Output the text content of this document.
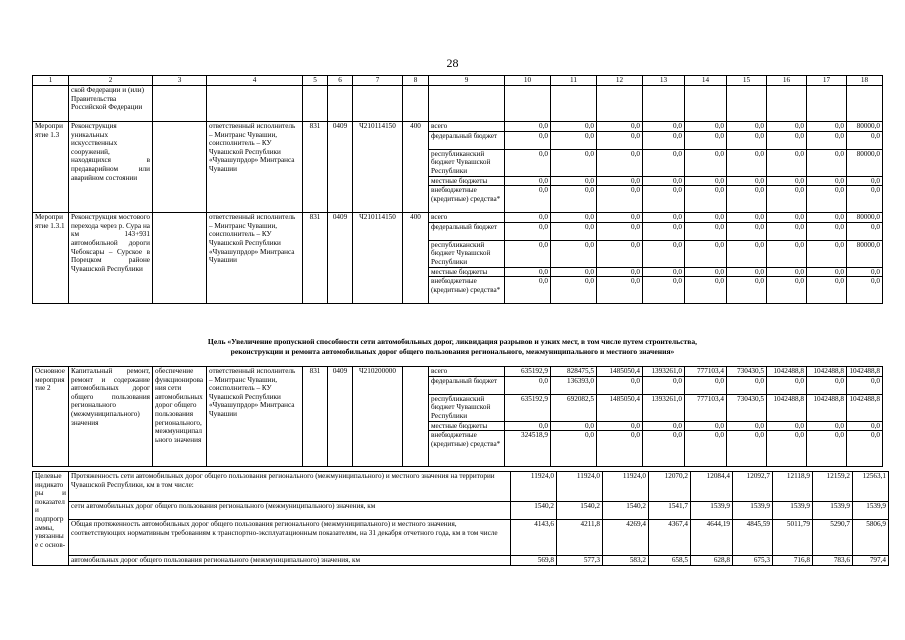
28
1	2	3	4	5	6	7	8	9	10	11	12	13	14	15	16	17	18
	ской Федерации и (или) Правительства Российской Федерации																
Мероприятие 1.3	Реконструкция уникальных искусственных сооружений, находящихся в предаварийном или аварийном состоянии		ответственный исполнитель – Минтранс Чувашии, соисполнитель – КУ Чувашской Республики «Чувашупрдор» Минтранса Чувашии	831	0409	Ч210114150	400	всего	0,0	0,0	0,0	0,0	0,0	0,0	0,0	0,0	80000,0
								федеральный бюджет	0,0	0,0	0,0	0,0	0,0	0,0	0,0	0,0	0,0
								республиканский бюджет Чувашской Республики	0,0	0,0	0,0	0,0	0,0	0,0	0,0	0,0	80000,0
								местные бюджеты	0,0	0,0	0,0	0,0	0,0	0,0	0,0	0,0	0,0
								внебюджетные (кредитные) средства*	0,0	0,0	0,0	0,0	0,0	0,0	0,0	0,0	0,0
Мероприятие 1.3.1	Реконструкция мостового перехода через р. Сура на км 143+931 автомобильной дороги Чебоксары – Сурское в Порецком районе Чувашской Республики		ответственный исполнитель – Минтранс Чувашии, соисполнитель – КУ Чувашской Республики «Чувашупрдор» Минтранса Чувашии	831	0409	Ч210114150	400	всего	0,0	0,0	0,0	0,0	0,0	0,0	0,0	0,0	80000,0
								федеральный бюджет	0,0	0,0	0,0	0,0	0,0	0,0	0,0	0,0	0,0
								республиканский бюджет Чувашской Республики	0,0	0,0	0,0	0,0	0,0	0,0	0,0	0,0	80000,0
								местные бюджеты	0,0	0,0	0,0	0,0	0,0	0,0	0,0	0,0	0,0
								внебюджетные (кредитные) средства*	0,0	0,0	0,0	0,0	0,0	0,0	0,0	0,0	0,0
Цель «Увеличение пропускной способности сети автомобильных дорог, ликвидация разрывов и узких мест, в том числе путем строительства,
реконструкции и ремонта автомобильных дорог общего пользования регионального, межмуниципального и местного значения»
Основное мероприятие 2	Капитальный ремонт, ремонт и содержание автомобильных дорог общего пользования регионального (межмуниципального) значения	обеспечение функционирования сети автомобильных дорог общего пользования регионального, межмуниципального значения	ответственный исполнитель – Минтранс Чувашии, соисполнитель – КУ Чувашской Республики «Чувашупрдор» Минтранса Чувашии	831	0409	Ч210200000		всего	635192,9	828475,5	1485050,4	1393261,0	777103,4	730430,5	1042488,8	1042488,8	1042488,8
								федеральный бюджет	0,0	136393,0	0,0	0,0	0,0	0,0	0,0	0,0	0,0
								республиканский бюджет Чувашской Республики	635192,9	692082,5	1485050,4	1393261,0	777103,4	730430,5	1042488,8	1042488,8	1042488,8
								местные бюджеты	0,0	0,0	0,0	0,0	0,0	0,0	0,0	0,0	0,0
								внебюджетные (кредитные) средства*	324518,9	0,0	0,0	0,0	0,0	0,0	0,0	0,0	0,0
Целевые индикаторы и показатели подпрограммы, увязанные с основ-	Протяженность сети автомобильных дорог общего пользования регионального (межмуниципального) и местного значения на территории Чувашской Республики, км в том числе:	11924,0	11924,0	11924,0	12070,2	12084,4	12092,7	12118,9	12159,2	12563,1
	сети автомобильных дорог общего пользования регионального (межмуниципального) значения, км	1540,2	1540,2	1540,2	1541,7	1539,9	1539,9	1539,9	1539,9	1539,9
	Общая протяженность автомобильных дорог общего пользования регионального (межмуниципального) и местного значения, соответствующих нормативным требованиям к транспортно-эксплуатационным показателям, на 31 декабря отчетного года, км в том числе	4143,6	4211,8	4269,4	4367,4	4644,19	4845,59	5011,79	5290,7	5806,9
	автомобильных дорог общего пользования регионального (межмуниципального) значения, км	569,8	577,3	583,2	658,5	628,8	675,3	716,8	783,6	797,4
